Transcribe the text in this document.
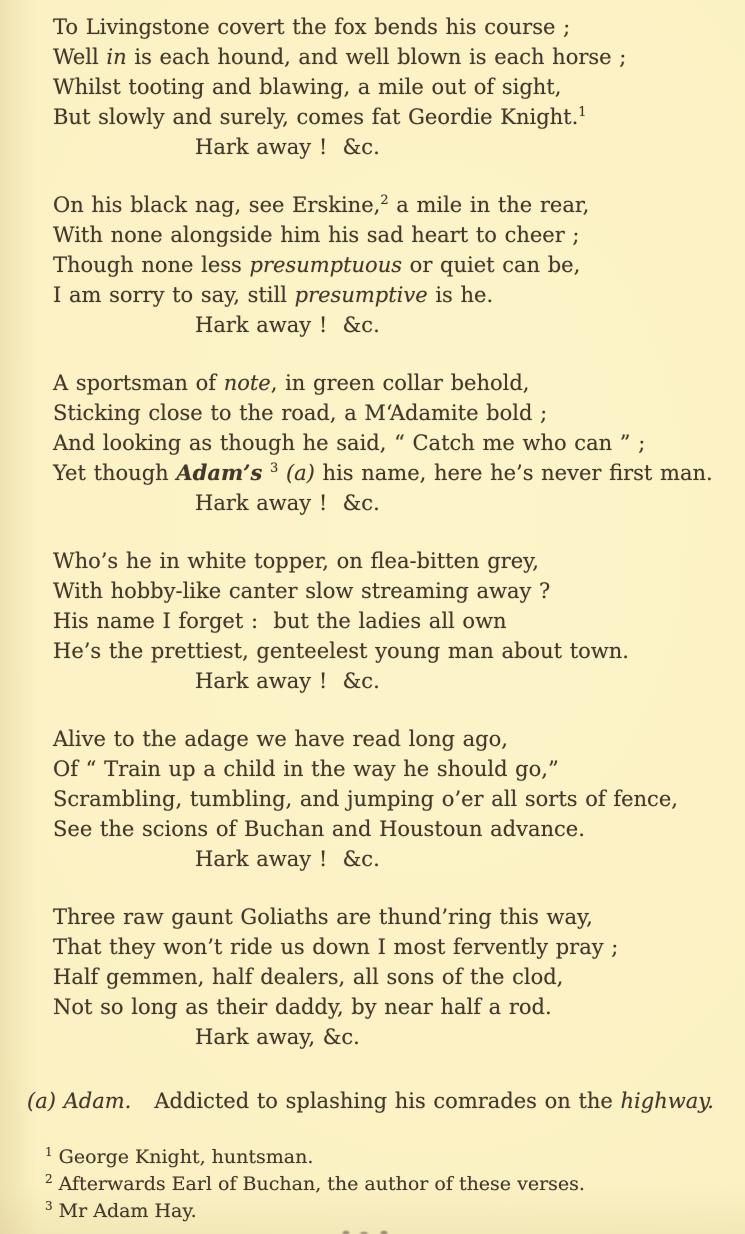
To Livingstone covert the fox bends his course ;
Well in is each hound, and well blown is each horse ;
Whilst tooting and blawing, a mile out of sight,
But slowly and surely, comes fat Geordie Knight.$^1$
Hark away !  &c.
On his black nag, see Erskine,$^2$ a mile in the rear,
With none alongside him his sad heart to cheer ;
Though none less presumptuous or quiet can be,
I am sorry to say, still presumptive is he.
Hark away !  &c.
A sportsman of note, in green collar behold,
Sticking close to the road, a M‘Adamite bold ;
And looking as though he said, “ Catch me who can ” ;
Yet though Adam’s $^3$ (a) his name, here he’s never first man.
Hark away !  &c.
Who’s he in white topper, on flea-bitten grey,
With hobby-like canter slow streaming away ?
His name I forget :  but the ladies all own
He’s the prettiest, genteelest young man about town.
Hark away !  &c.
Alive to the adage we have read long ago,
Of “ Train up a child in the way he should go,”
Scrambling, tumbling, and jumping o’er all sorts of fence,
See the scions of Buchan and Houstoun advance.
Hark away !  &c.
Three raw gaunt Goliaths are thund’ring this way,
That they won’t ride us down I most fervently pray ;
Half gemmen, half dealers, all sons of the clod,
Not so long as their daddy, by near half a rod.
Hark away, &c.
(a) Adam.   Addicted to splashing his comrades on the highway.
$^1$ George Knight, huntsman.
$^2$ Afterwards Earl of Buchan, the author of these verses.
$^3$ Mr Adam Hay.
